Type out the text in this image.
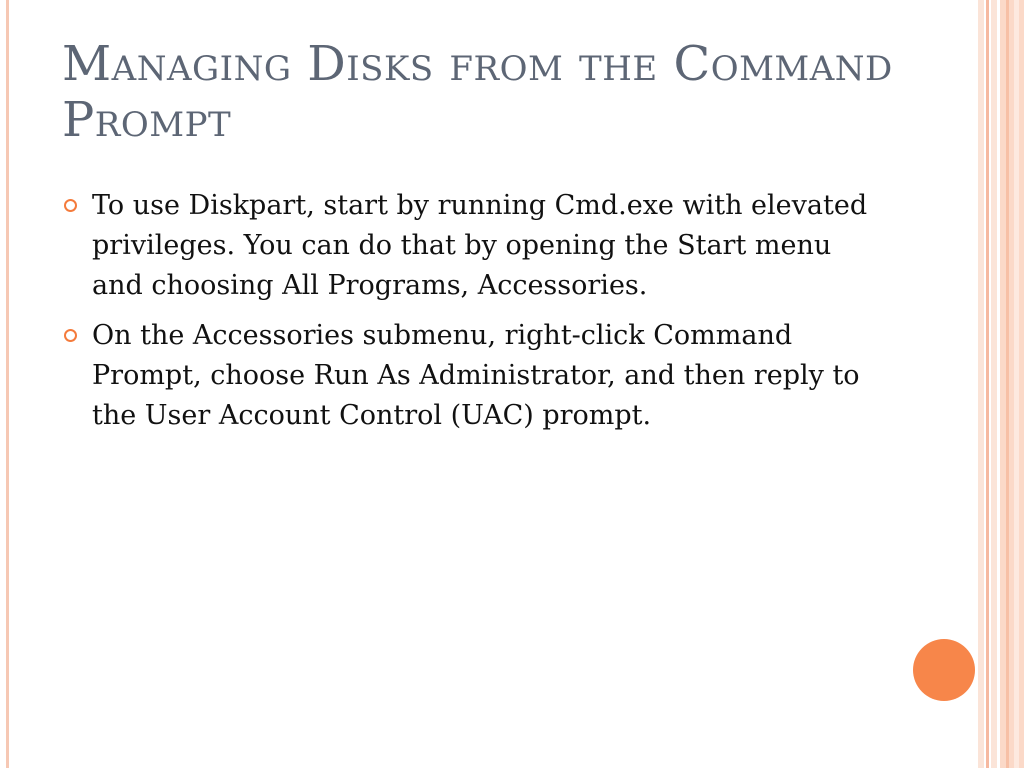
Managing Disks from the Command Prompt
To use Diskpart, start by running Cmd.exe with elevated privileges. You can do that by opening the Start menu and choosing All Programs, Accessories.
On the Accessories submenu, right-click Command Prompt, choose Run As Administrator, and then reply to the User Account Control (UAC) prompt.
